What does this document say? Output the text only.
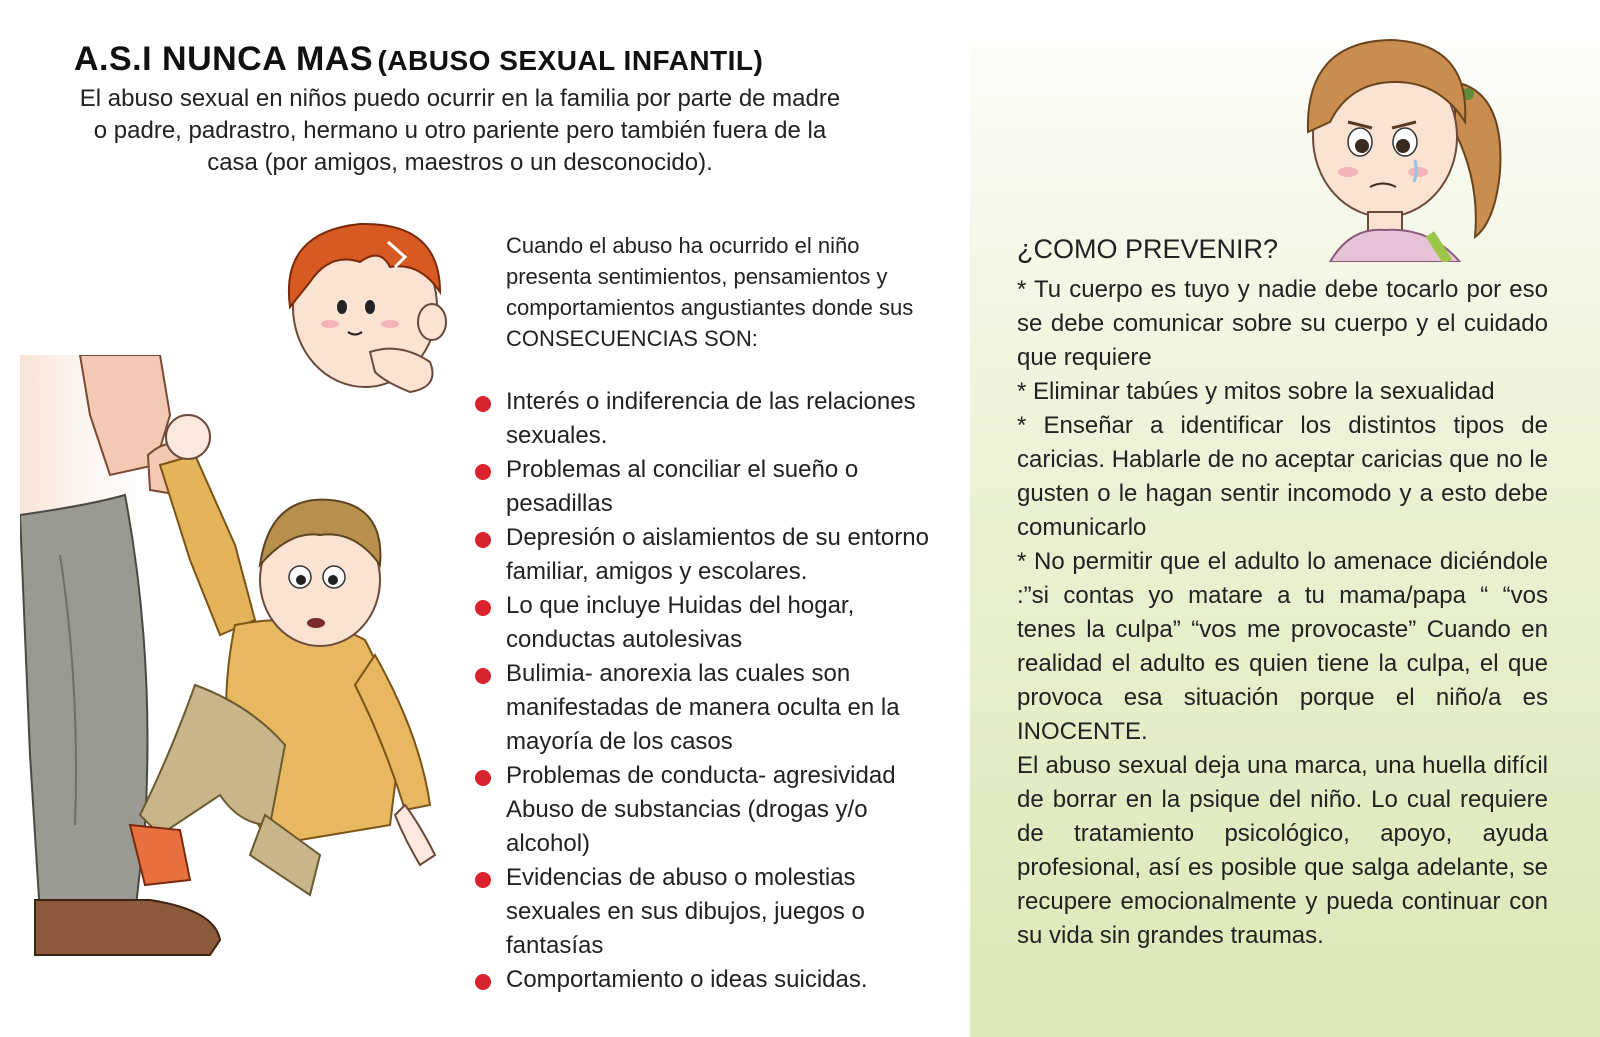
A.S.I NUNCA MAS (ABUSO SEXUAL INFANTIL)
El abuso sexual en niños puedo ocurrir en la familia por parte de madre o padre, padrastro, hermano u otro pariente pero también fuera de la casa (por amigos, maestros o un desconocido).
Cuando el abuso ha ocurrido el niño presenta sentimientos, pensamientos y comportamientos angustiantes donde sus CONSECUENCIAS SON:
Interés o indiferencia de las relaciones sexuales.
Problemas al conciliar el sueño o pesadillas
Depresión o aislamientos de su entorno familiar, amigos y escolares.
Lo que incluye Huidas del hogar, conductas autolesivas
Bulimia- anorexia las cuales son manifestadas de manera oculta en la mayoría de los casos
Problemas de conducta- agresividad Abuso de substancias (drogas y/o alcohol)
Evidencias de abuso o molestias sexuales en sus dibujos, juegos o fantasías
Comportamiento o ideas suicidas.
¿COMO PREVENIR?

* Tu cuerpo es tuyo y nadie debe tocarlo por eso se debe comunicar sobre su cuerpo y el cuidado que requiere

* Eliminar tabúes y mitos sobre la sexualidad

* Enseñar a identificar los distintos tipos de caricias. Hablarle de no aceptar caricias que no le gusten o le hagan sentir incomodo y a esto debe comunicarlo

* No permitir que el adulto lo amenace diciéndole :”si contas yo matare a tu mama/papa “ “vos tenes la culpa” “vos me provocaste” Cuando en realidad el adulto es quien tiene la culpa, el que provoca esa situación porque el niño/a es INOCENTE.

El abuso sexual deja una marca, una huella difícil de borrar en la psique del niño. Lo cual requiere de tratamiento psicológico, apoyo, ayuda profesional, así es posible que salga adelante, se recupere emocionalmente y pueda continuar con su vida sin grandes traumas.
